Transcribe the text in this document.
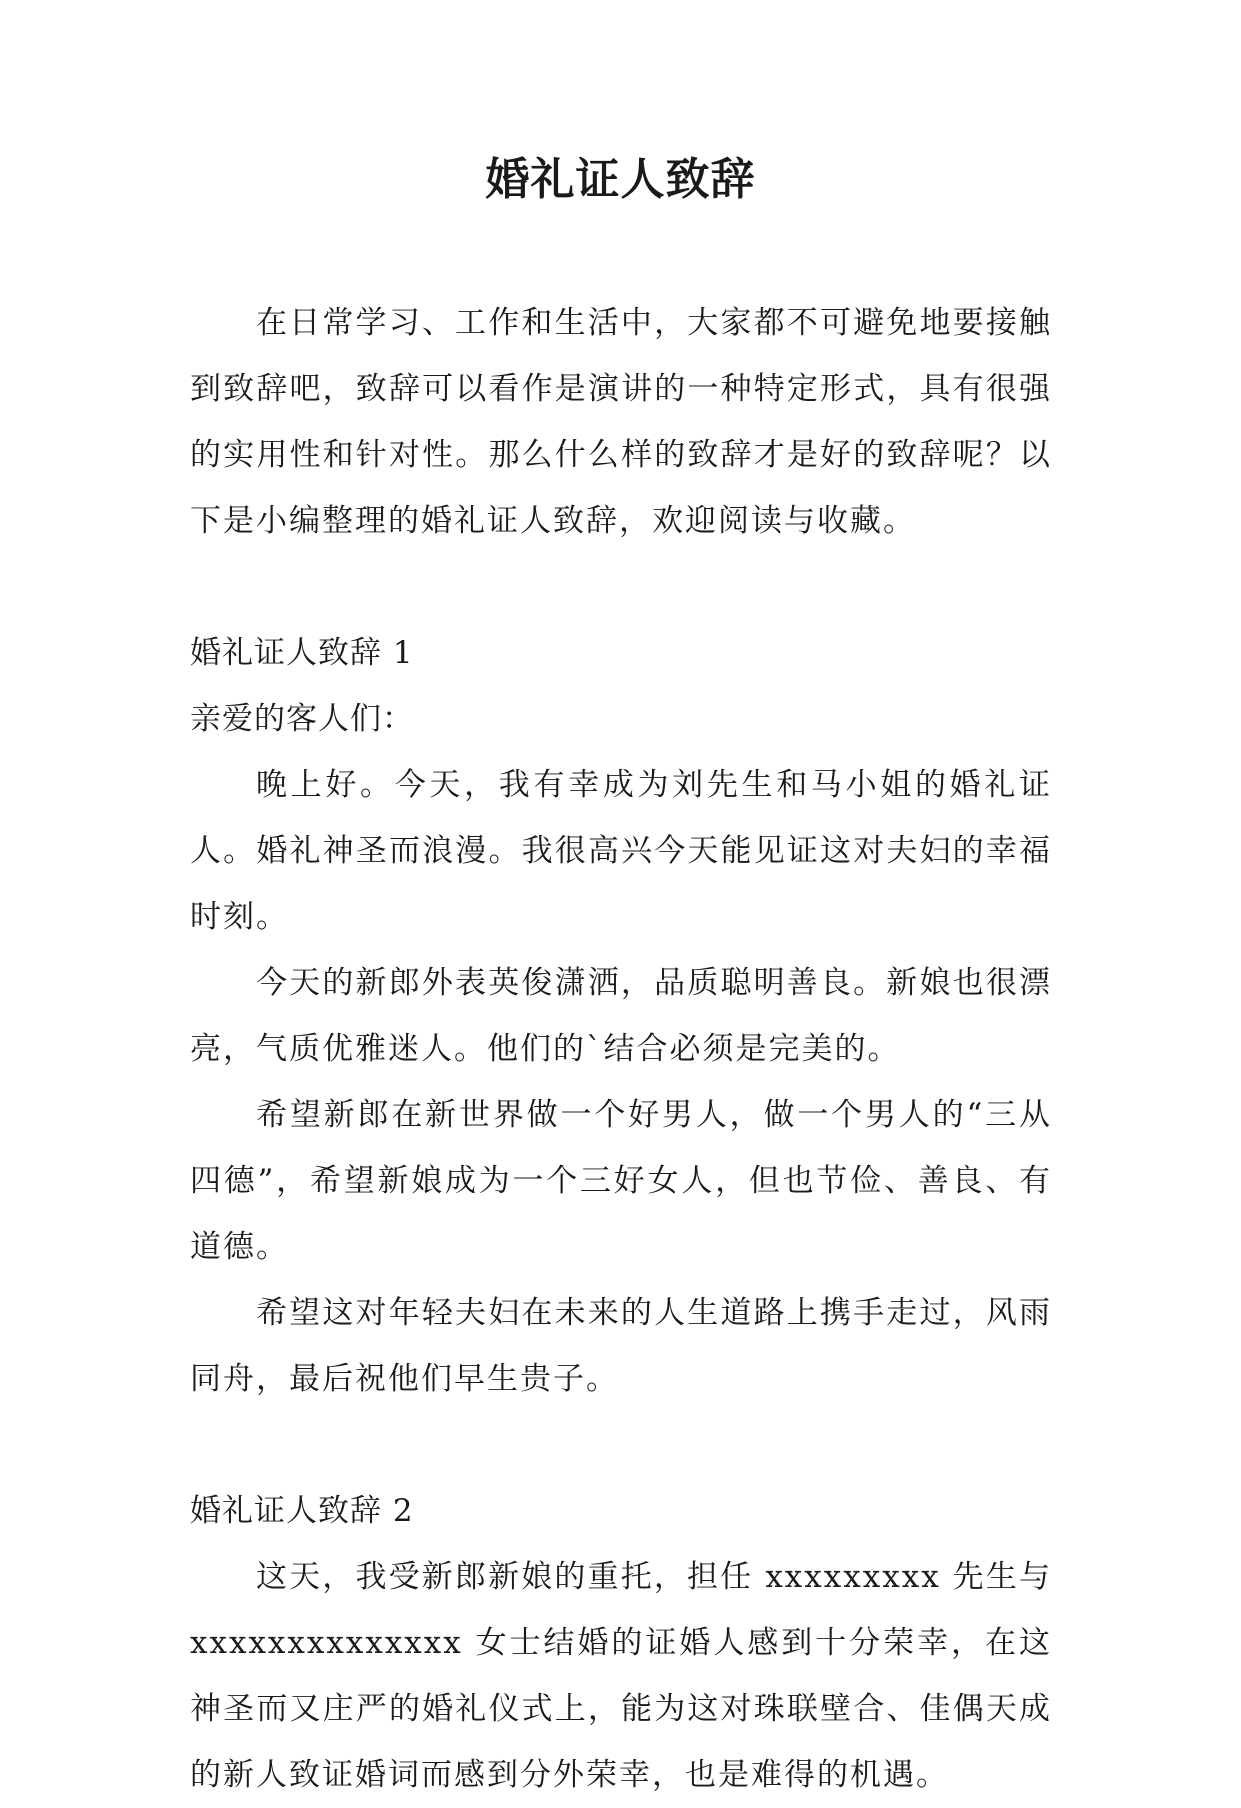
婚礼证人致辞

在日常学习、工作和生活中，大家都不可避免地要接触到致辞吧，致辞可以看作是演讲的一种特定形式，具有很强的实用性和针对性。那么什么样的致辞才是好的致辞呢？以下是小编整理的婚礼证人致辞，欢迎阅读与收藏。

婚礼证人致辞 1

亲爱的客人们：

晚上好。今天，我有幸成为刘先生和马小姐的婚礼证人。婚礼神圣而浪漫。我很高兴今天能见证这对夫妇的幸福时刻。

今天的新郎外表英俊潇洒，品质聪明善良。新娘也很漂亮，气质优雅迷人。他们的`结合必须是完美的。

希望新郎在新世界做一个好男人，做一个男人的“三从四德”，希望新娘成为一个三好女人，但也节俭、善良、有道德。

希望这对年轻夫妇在未来的人生道路上携手走过，风雨同舟，最后祝他们早生贵子。

婚礼证人致辞 2

这天，我受新郎新娘的重托，担任 xxxxxxxxx 先生与 xxxxxxxxxxxxxx 女士结婚的证婚人感到十分荣幸，在这神圣而又庄严的婚礼仪式上，能为这对珠联壁合、佳偶天成的新人致证婚词而感到分外荣幸，也是难得的机遇。
